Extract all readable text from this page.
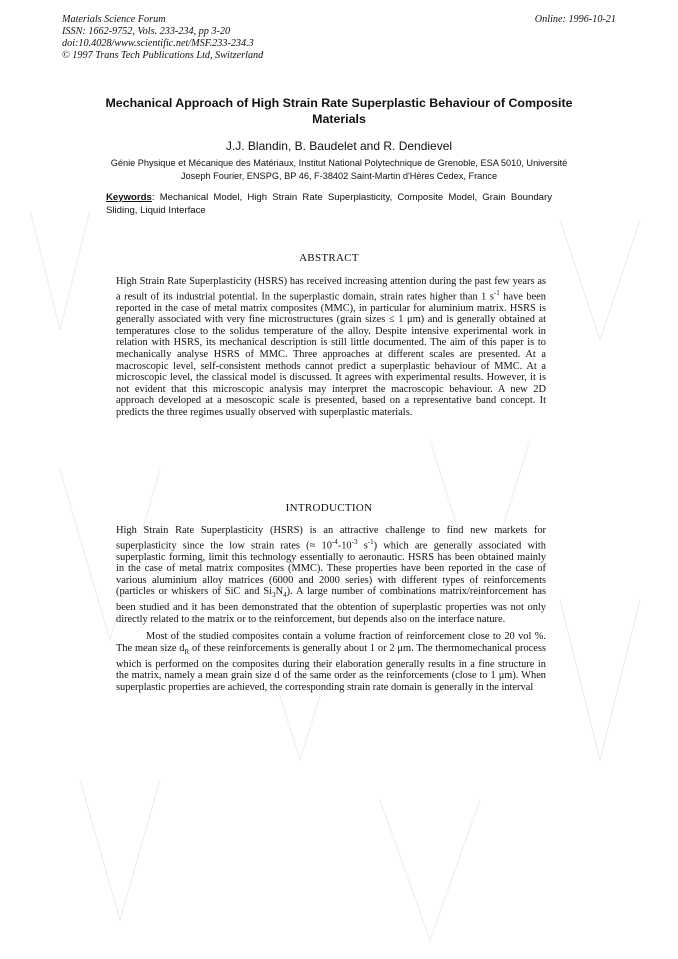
Materials Science Forum
ISSN: 1662-9752, Vols. 233-234, pp 3-20
doi:10.4028/www.scientific.net/MSF.233-234.3
© 1997 Trans Tech Publications Ltd, Switzerland
Online: 1996-10-21
Mechanical Approach of High Strain Rate Superplastic Behaviour of Composite Materials
J.J. Blandin, B. Baudelet and R. Dendievel
Génie Physique et Mécanique des Matériaux, Institut National Polytechnique de Grenoble, ESA 5010, Université Joseph Fourier, ENSPG, BP 46, F-38402 Saint-Martin d'Hères Cedex, France
Keywords: Mechanical Model, High Strain Rate Superplasticity, Composite Model, Grain Boundary Sliding, Liquid Interface
ABSTRACT

High Strain Rate Superplasticity (HSRS) has received increasing attention during the past few years as a result of its industrial potential. In the superplastic domain, strain rates higher than 1 $s^{-1}$ have been reported in the case of metal matrix composites (MMC), in particular for aluminium matrix. HSRS is generally associated with very fine microstructures (grain sizes ≤ 1 μm) and is generally obtained at temperatures close to the solidus temperature of the alloy. Despite intensive experimental work in relation with HSRS, its mechanical description is still little documented. The aim of this paper is to mechanically analyse HSRS of MMC. Three approaches at different scales are presented. At a macroscopic level, self-consistent methods cannot predict a superplastic behaviour of MMC. At a microscopic level, the classical model is discussed. It agrees with experimental results. However, it is not evident that this microscopic analysis may interpret the macroscopic behaviour. A new 2D approach developed at a mesoscopic scale is presented, based on a representative band concept. It predicts the three regimes usually observed with superplastic materials.

INTRODUCTION

High Strain Rate Superplasticity (HSRS) is an attractive challenge to find new markets for superplasticity since the low strain rates (≈ $10^{-4}-10^{-3}$ $s^{-1}$) which are generally associated with superplastic forming, limit this technology essentially to aeronautic. HSRS has been obtained mainly in the case of metal matrix composites (MMC). These properties have been reported in the case of various aluminium alloy matrices (6000 and 2000 series) with different types of reinforcements (particles or whiskers of SiC and $Si_3N_4$). A large number of combinations matrix/reinforcement has been studied and it has been demonstrated that the obtention of superplastic properties was not only directly related to the matrix or to the reinforcement, but depends also on the interface nature.

Most of the studied composites contain a volume fraction of reinforcement close to 20 vol %. The mean size $d_R$ of these reinforcements is generally about 1 or 2 μm. The thermomechanical process which is performed on the composites during their elaboration generally results in a fine structure in the matrix, namely a mean grain size d of the same order as the reinforcements (close to 1 μm). When superplastic properties are achieved, the corresponding strain rate domain is generally in the interval
